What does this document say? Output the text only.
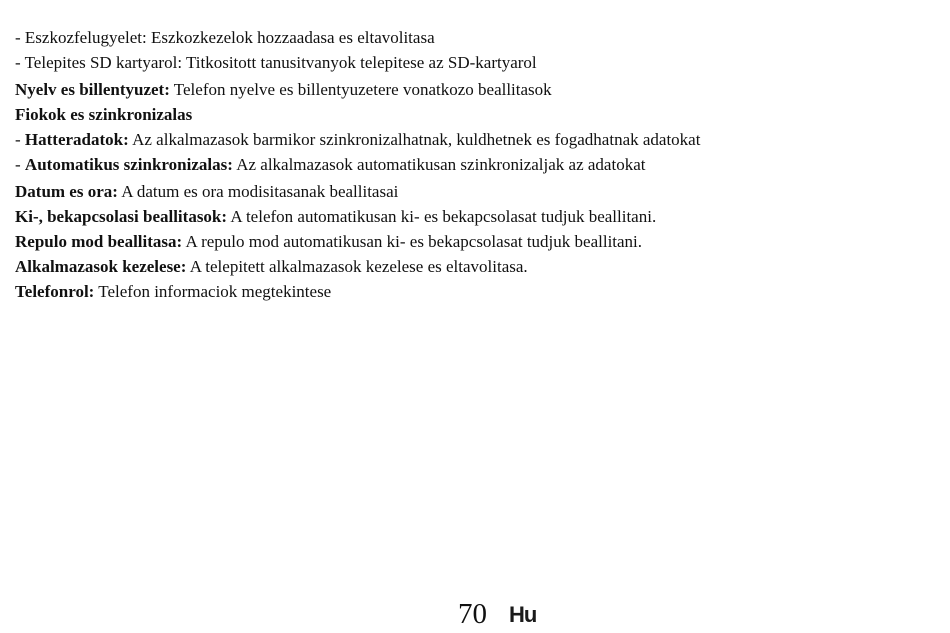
- Eszkozfelugyelet: Eszkozkezelok hozzaadasa es eltavolitasa
- Telepites SD kartyarol: Titkositott tanusitvanyok telepitese az SD-kartyarol
Nyelv es billentyuzet: Telefon nyelve es billentyuzetere vonatkozo beallitasok
Fiokok es szinkronizalas
- Hatteradatok: Az alkalmazasok barmikor szinkronizalhatnak, kuldhetnek es fogadhatnak adatokat
- Automatikus szinkronizalas: Az alkalmazasok automatikusan szinkronizaljak az adatokat
Datum es ora: A datum es ora modisitasanak beallitasai
Ki-, bekapcsolasi beallitasok: A telefon automatikusan ki- es bekapcsolasat tudjuk beallitani.
Repulo mod beallitasa: A repulo mod automatikusan ki- es bekapcsolasat tudjuk beallitani.
Alkalmazasok kezelese: A telepitett alkalmazasok kezelese es eltavolitasa.
Telefonrol: Telefon informaciok megtekintese
70 Hu
